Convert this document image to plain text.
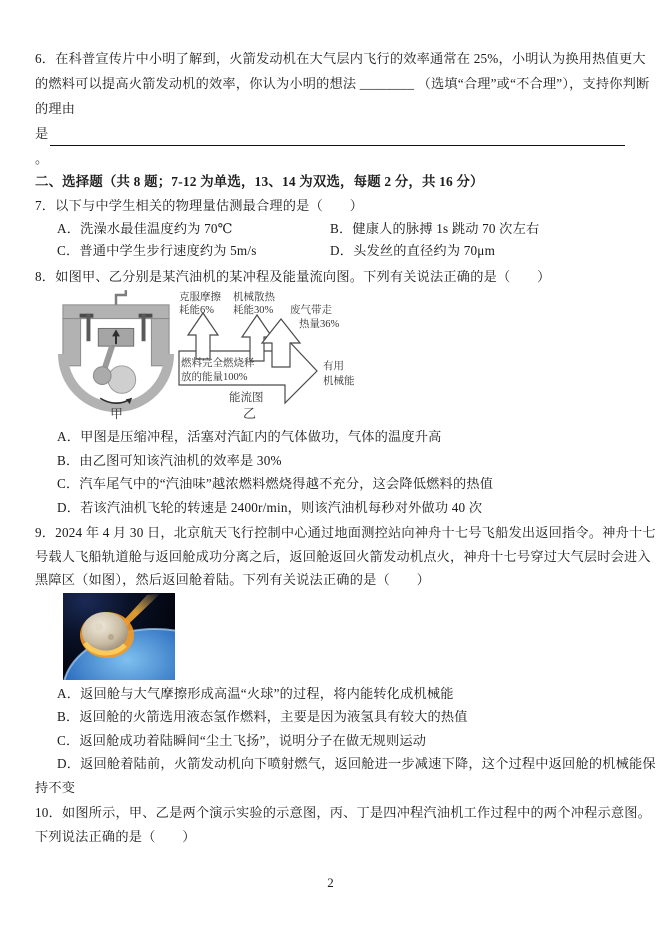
6．在科普宣传片中小明了解到，火箭发动机在大气层内飞行的效率通常在 25%，小明认为换用热值更大
的燃料可以提高火箭发动机的效率，你认为小明的想法 ________ （选填“合理”或“不合理”），支持你判断
的理由
是
。
二、选择题（共 8 题；7-12 为单选，13、14 为双选，每题 2 分，共 16 分）
7．以下与中学生相关的物理量估测最合理的是（　　）
A．洗澡水最佳温度约为 70℃	B．健康人的脉搏 1s 跳动 70 次左右
C．普通中学生步行速度约为 5m/s	D．头发丝的直径约为 70μm
8．如图甲、乙分别是某汽油机的某冲程及能量流向图。下列有关说法正确的是（　　）
甲
克服摩擦
耗能6%
机械散热
耗能30% 废气带走
热量36%
燃料完全燃烧释
放的能量100%
有用
机械能
能流图
乙
A．甲图是压缩冲程，活塞对汽缸内的气体做功，气体的温度升高
B．由乙图可知该汽油机的效率是 30%
C．汽车尾气中的“汽油味”越浓燃料燃烧得越不充分，这会降低燃料的热值
D．若该汽油机飞轮的转速是 2400r/min，则该汽油机每秒对外做功 40 次
9．2024 年 4 月 30 日，北京航天飞行控制中心通过地面测控站向神舟十七号飞船发出返回指令。神舟十七
号载人飞船轨道舱与返回舱成功分离之后，返回舱返回火箭发动机点火，神舟十七号穿过大气层时会进入
黑障区（如图），然后返回舱着陆。下列有关说法正确的是（　　）
A．返回舱与大气摩擦形成高温“火球”的过程，将内能转化成机械能
B．返回舱的火箭选用液态氢作燃料，主要是因为液氢具有较大的热值
C．返回舱成功着陆瞬间“尘土飞扬”，说明分子在做无规则运动
D．返回舱着陆前，火箭发动机向下喷射燃气，返回舱进一步减速下降，这个过程中返回舱的机械能保
持不变
10．如图所示，甲、乙是两个演示实验的示意图，丙、丁是四冲程汽油机工作过程中的两个冲程示意图。
下列说法正确的是（　　）
2
